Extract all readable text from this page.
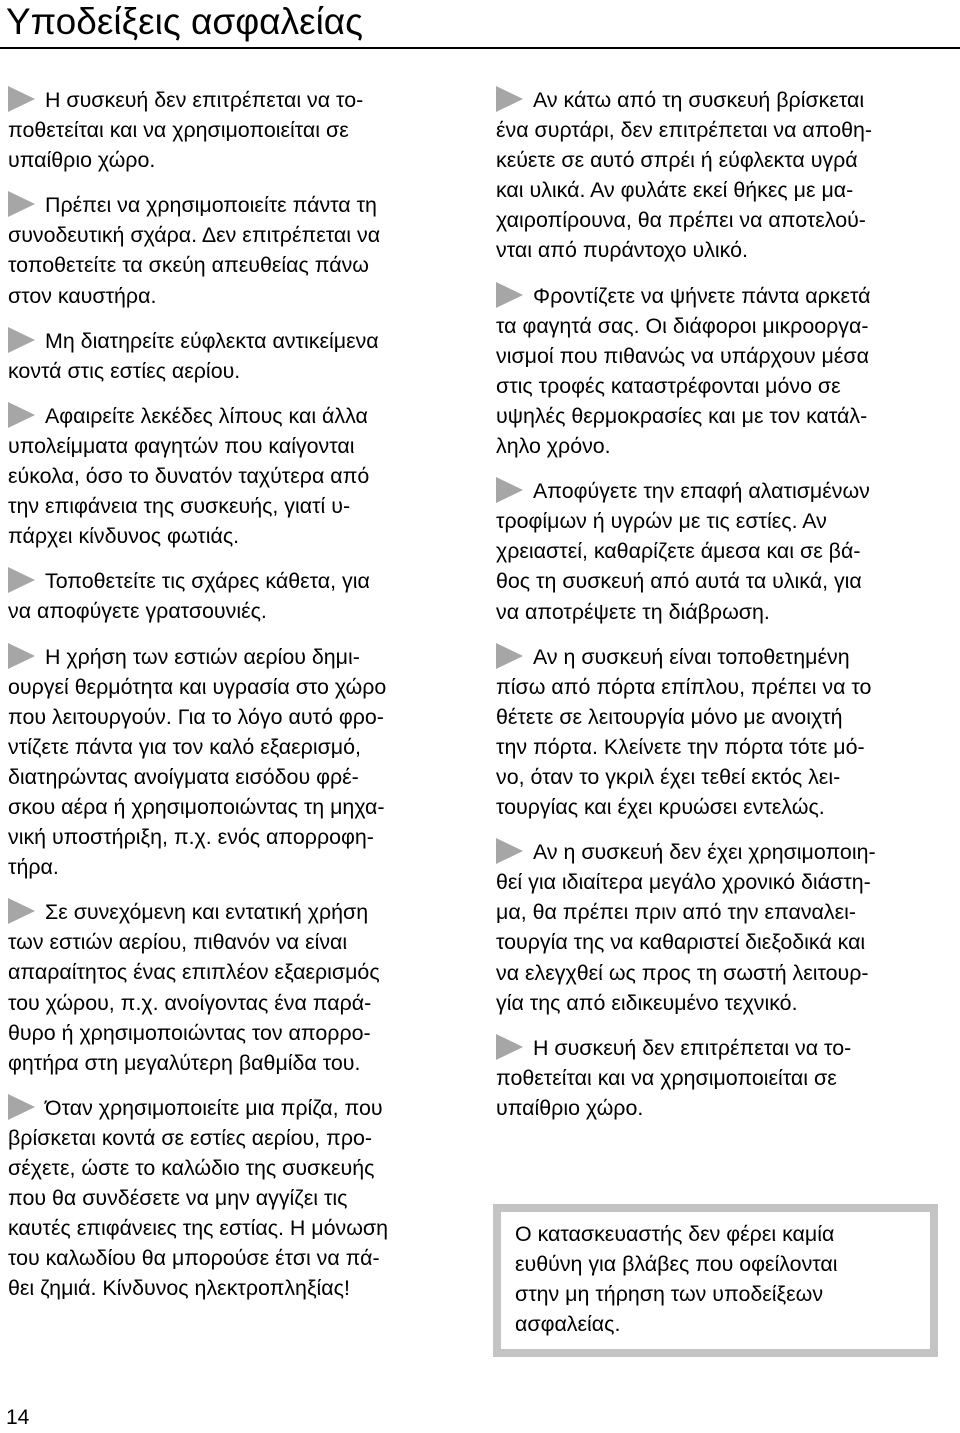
Υποδείξεις ασφαλείας

Η συσκευή δεν επιτρέπεται να το-
ποθετείται και να χρησιμοποιείται σε
υπαίθριο χώρο.

Πρέπει να χρησιμοποιείτε πάντα τη
συνοδευτική σχάρα. Δεν επιτρέπεται να
τοποθετείτε τα σκεύη απευθείας πάνω
στον καυστήρα.

Μη διατηρείτε εύφλεκτα αντικείμενα
κοντά στις εστίες αερίου.

Αφαιρείτε λεκέδες λίπους και άλλα
υπολείμματα φαγητών που καίγονται
εύκολα, όσο το δυνατόν ταχύτερα από
την επιφάνεια της συσκευής, γιατί υ-
πάρχει κίνδυνος φωτιάς.

Τοποθετείτε τις σχάρες κάθετα, για
να αποφύγετε γρατσουνιές.

Η χρήση των εστιών αερίου δημι-
ουργεί θερμότητα και υγρασία στο χώρο
που λειτουργούν. Για το λόγο αυτό φρο-
ντίζετε πάντα για τον καλό εξαερισμό,
διατηρώντας ανοίγματα εισόδου φρέ-
σκου αέρα ή χρησιμοποιώντας τη μηχα-
νική υποστήριξη, π.χ. ενός απορροφη-
τήρα.

Σε συνεχόμενη και εντατική χρήση
των εστιών αερίου, πιθανόν να είναι
απαραίτητος ένας επιπλέον εξαερισμός
του χώρου, π.χ. ανοίγοντας ένα παρά-
θυρο ή χρησιμοποιώντας τον απορρο-
φητήρα στη μεγαλύτερη βαθμίδα του.

Όταν χρησιμοποιείτε μια πρίζα, που
βρίσκεται κοντά σε εστίες αερίου, προ-
σέχετε, ώστε το καλώδιο της συσκευής
που θα συνδέσετε να μην αγγίζει τις
καυτές επιφάνειες της εστίας. Η μόνωση
του καλωδίου θα μπορούσε έτσι να πά-
θει ζημιά. Κίνδυνος ηλεκτροπληξίας!

Αν κάτω από τη συσκευή βρίσκεται
ένα συρτάρι, δεν επιτρέπεται να αποθη-
κεύετε σε αυτό σπρέι ή εύφλεκτα υγρά
και υλικά. Αν φυλάτε εκεί θήκες με μα-
χαιροπίρουνα, θα πρέπει να αποτελού-
νται από πυράντοχο υλικό.

Φροντίζετε να ψήνετε πάντα αρκετά
τα φαγητά σας. Οι διάφοροι μικροοργα-
νισμοί που πιθανώς να υπάρχουν μέσα
στις τροφές καταστρέφονται μόνο σε
υψηλές θερμοκρασίες και με τον κατάλ-
ληλο χρόνο.

Αποφύγετε την επαφή αλατισμένων
τροφίμων ή υγρών με τις εστίες. Αν
χρειαστεί, καθαρίζετε άμεσα και σε βά-
θος τη συσκευή από αυτά τα υλικά, για
να αποτρέψετε τη διάβρωση.

Αν η συσκευή είναι τοποθετημένη
πίσω από πόρτα επίπλου, πρέπει να το
θέτετε σε λειτουργία μόνο με ανοιχτή
την πόρτα. Κλείνετε την πόρτα τότε μό-
νο, όταν το γκριλ έχει τεθεί εκτός λει-
τουργίας και έχει κρυώσει εντελώς.

Αν η συσκευή δεν έχει χρησιμοποιη-
θεί για ιδιαίτερα μεγάλο χρονικό διάστη-
μα, θα πρέπει πριν από την επαναλει-
τουργία της να καθαριστεί διεξοδικά και
να ελεγχθεί ως προς τη σωστή λειτουρ-
γία της από ειδικευμένο τεχνικό.

Η συσκευή δεν επιτρέπεται να το-
ποθετείται και να χρησιμοποιείται σε
υπαίθριο χώρο.

Ο κατασκευαστής δεν φέρει καμία
ευθύνη για βλάβες που οφείλονται
στην μη τήρηση των υποδείξεων
ασφαλείας.
14
